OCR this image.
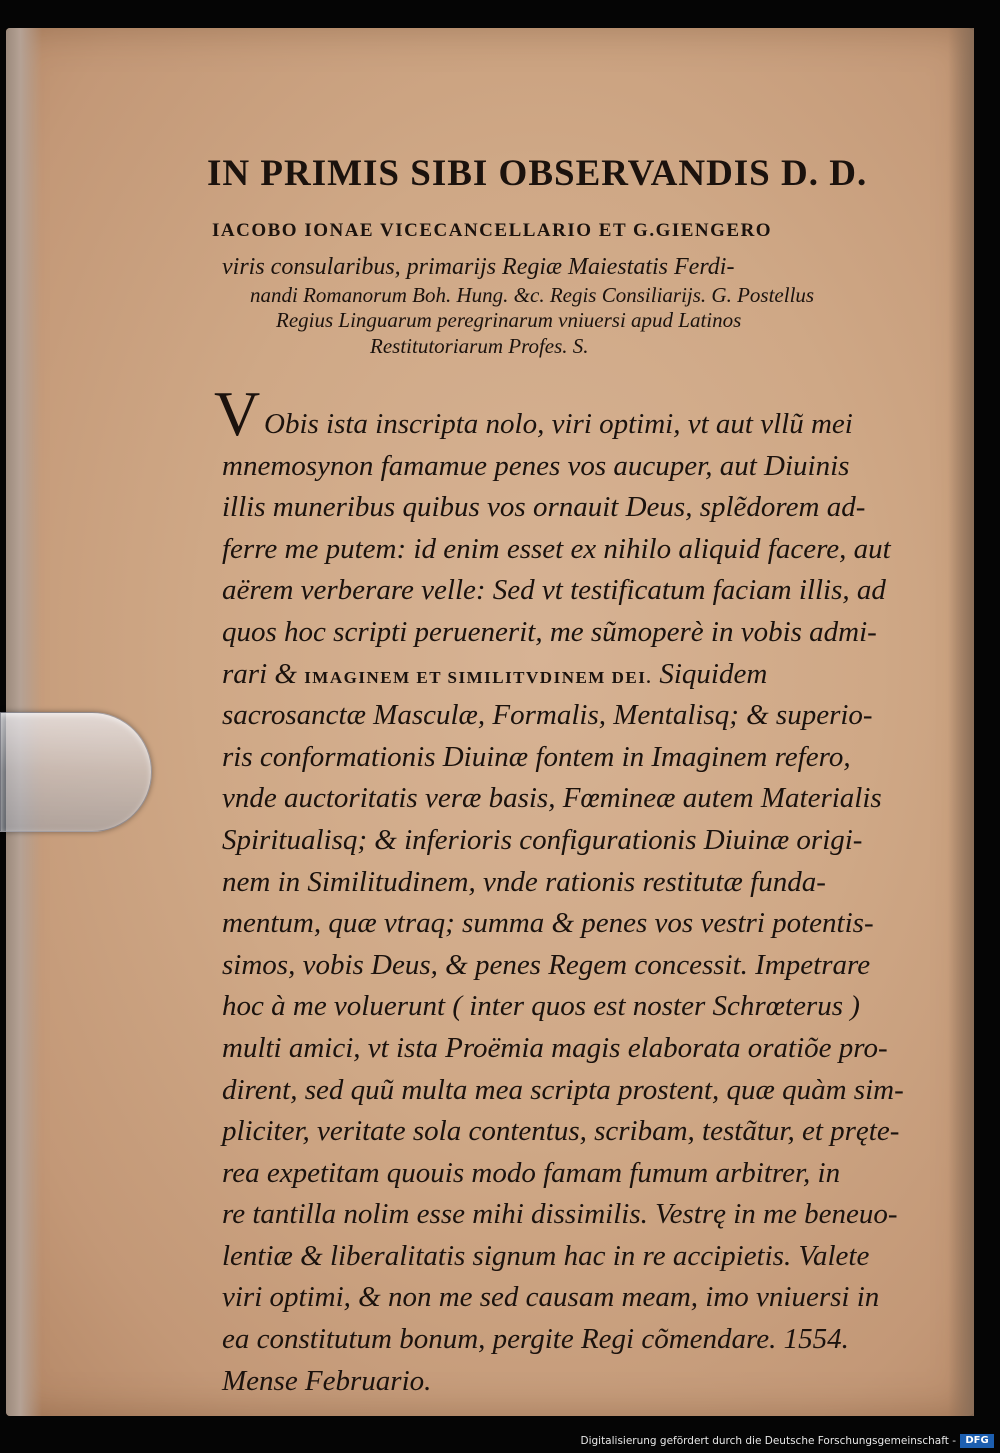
IN PRIMIS SIBI OBSERVANDIS D. D.
IACOBO IONAE VICECANCELLARIO ET G.GIENGERO
viris consularibus, primarijs Regiæ Maiestatis Ferdi-
nandi Romanorum Boh. Hung. &c. Regis Consiliarijs. G. Postellus
Regius Linguarum peregrinarum vniuersi apud Latinos
Restitutoriarum Profes. S.
V Obis ista inscripta nolo, viri optimi, vt aut vllũ mei
mnemosynon famamue penes vos aucuper, aut Diuinis
illis muneribus quibus vos ornauit Deus, splẽdorem ad-
ferre me putem: id enim esset ex nihilo aliquid facere, aut
aërem verberare velle: Sed vt testificatum faciam illis, ad
quos hoc scripti peruenerit, me sũmoperè in vobis admi-
rari & IMAGINEM ET SIMILITVDINEM DEI. Siquidem
sacrosanctæ Masculæ, Formalis, Mentalisq; & superio-
ris conformationis Diuinæ fontem in Imaginem refero,
vnde auctoritatis veræ basis, Fœmineæ autem Materialis
Spiritualisq; & inferioris configurationis Diuinæ origi-
nem in Similitudinem, vnde rationis restitutæ funda-
mentum, quæ vtraq; summa & penes vos vestri potentis-
simos, vobis Deus, & penes Regem concessit. Impetrare
hoc à me voluerunt ( inter quos est noster Schrœterus )
multi amici, vt ista Proëmia magis elaborata oratiõe pro-
dirent, sed quũ multa mea scripta prostent, quæ quàm sim-
pliciter, veritate sola contentus, scribam, testãtur, et pręte-
rea expetitam quouis modo famam fumum arbitrer, in
re tantilla nolim esse mihi dissimilis. Vestrę in me beneuo-
lentiæ & liberalitatis signum hac in re accipietis. Valete
viri optimi, & non me sed causam meam, imo vniuersi in
ea constitutum bonum, pergite Regi cõmendare. 1554.
Mense Februario.
Digitalisierung gefördert durch die Deutsche Forschungsgemeinschaft - DFG
